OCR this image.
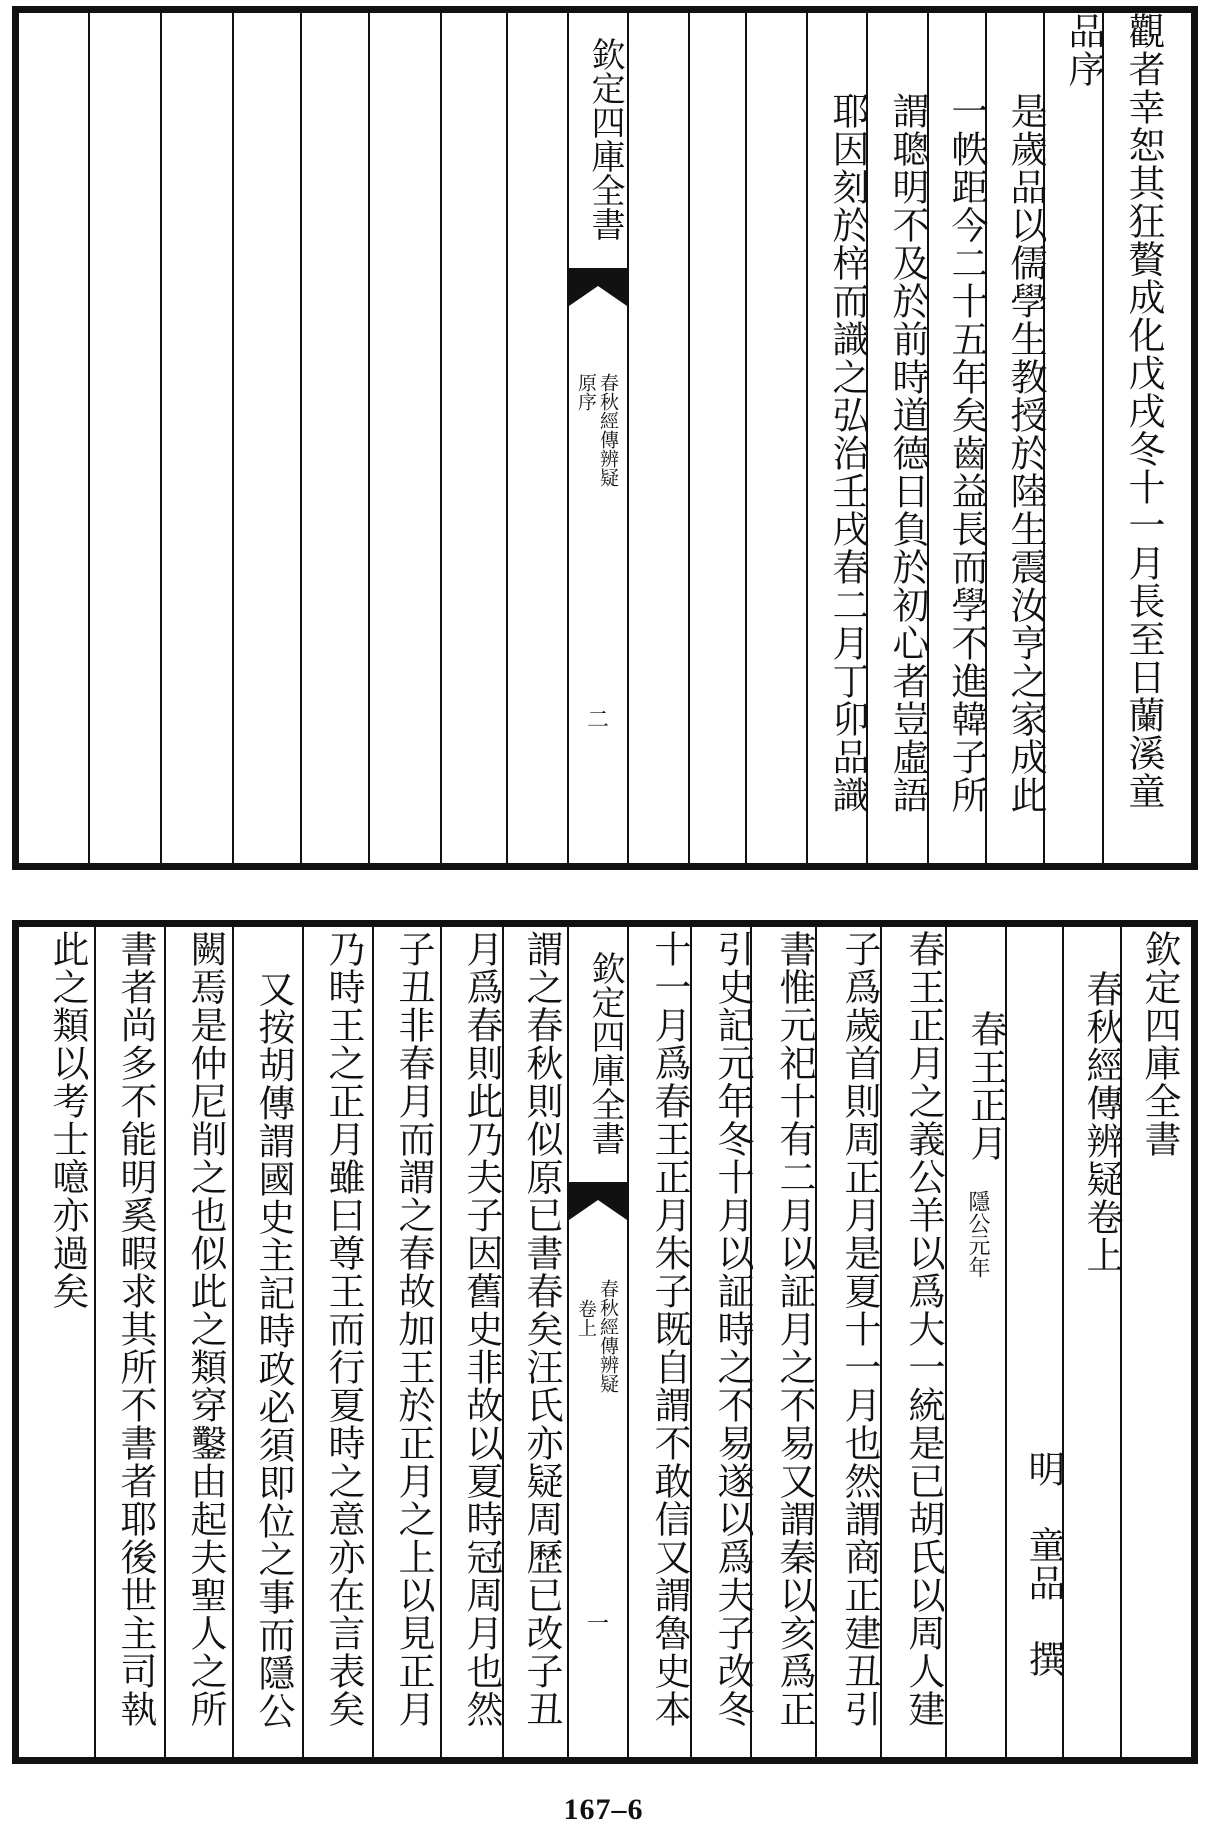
觀者幸恕其狂贅成化戊戌冬十一月長至日蘭溪童
品序
是歲品以儒學生教授於陸生震汝亨之家成此
一帙距今二十五年矣齒益長而學不進韓子所
謂聰明不及於前時道德日負於初心者豈虛語
耶因刻於梓而識之弘治壬戌春二月丁卯品識
欽定四庫全書
春秋經傳辨疑
原序
二
欽定四庫全書
春秋經傳辨疑卷上
明　童品　撰
春王正月
隱公元年
春王正月之義公羊以爲大一統是已胡氏以周人建
子爲歲首則周正月是夏十一月也然謂商正建丑引
書惟元祀十有二月以証月之不易又謂秦以亥爲正
引史記元年冬十月以証時之不易遂以爲夫子改冬
十一月爲春王正月朱子既自謂不敢信又謂魯史本
欽定四庫全書
春秋經傳辨疑
卷上
一
謂之春秋則似原已書春矣汪氏亦疑周歷已改子丑
月爲春則此乃夫子因舊史非故以夏時冠周月也然
子丑非春月而謂之春故加王於正月之上以見正月
乃時王之正月雖曰尊王而行夏時之意亦在言表矣
又按胡傳謂國史主記時政必須即位之事而隱公
闕焉是仲尼削之也似此之類穿鑿由起夫聖人之所
書者尚多不能明奚暇求其所不書者耶後世主司執
此之類以考士噫亦過矣
167–6
